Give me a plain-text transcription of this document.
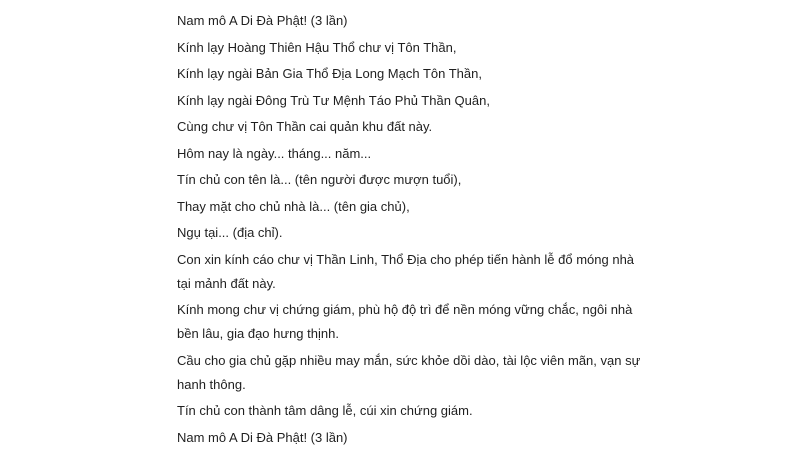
Nam mô A Di Đà Phật! (3 lần)

Kính lạy Hoàng Thiên Hậu Thổ chư vị Tôn Thần,

Kính lạy ngài Bản Gia Thổ Địa Long Mạch Tôn Thần,

Kính lạy ngài Đông Trù Tư Mệnh Táo Phủ Thần Quân,

Cùng chư vị Tôn Thần cai quản khu đất này.

Hôm nay là ngày... tháng... năm...

Tín chủ con tên là... (tên người được mượn tuổi),

Thay mặt cho chủ nhà là... (tên gia chủ),

Ngụ tại... (địa chỉ).

Con xin kính cáo chư vị Thần Linh, Thổ Địa cho phép tiến hành lễ đổ móng nhà tại mảnh đất này.

Kính mong chư vị chứng giám, phù hộ độ trì để nền móng vững chắc, ngôi nhà bền lâu, gia đạo hưng thịnh.

Cầu cho gia chủ gặp nhiều may mắn, sức khỏe dồi dào, tài lộc viên mãn, vạn sự hanh thông.

Tín chủ con thành tâm dâng lễ, cúi xin chứng giám.

Nam mô A Di Đà Phật! (3 lần)
